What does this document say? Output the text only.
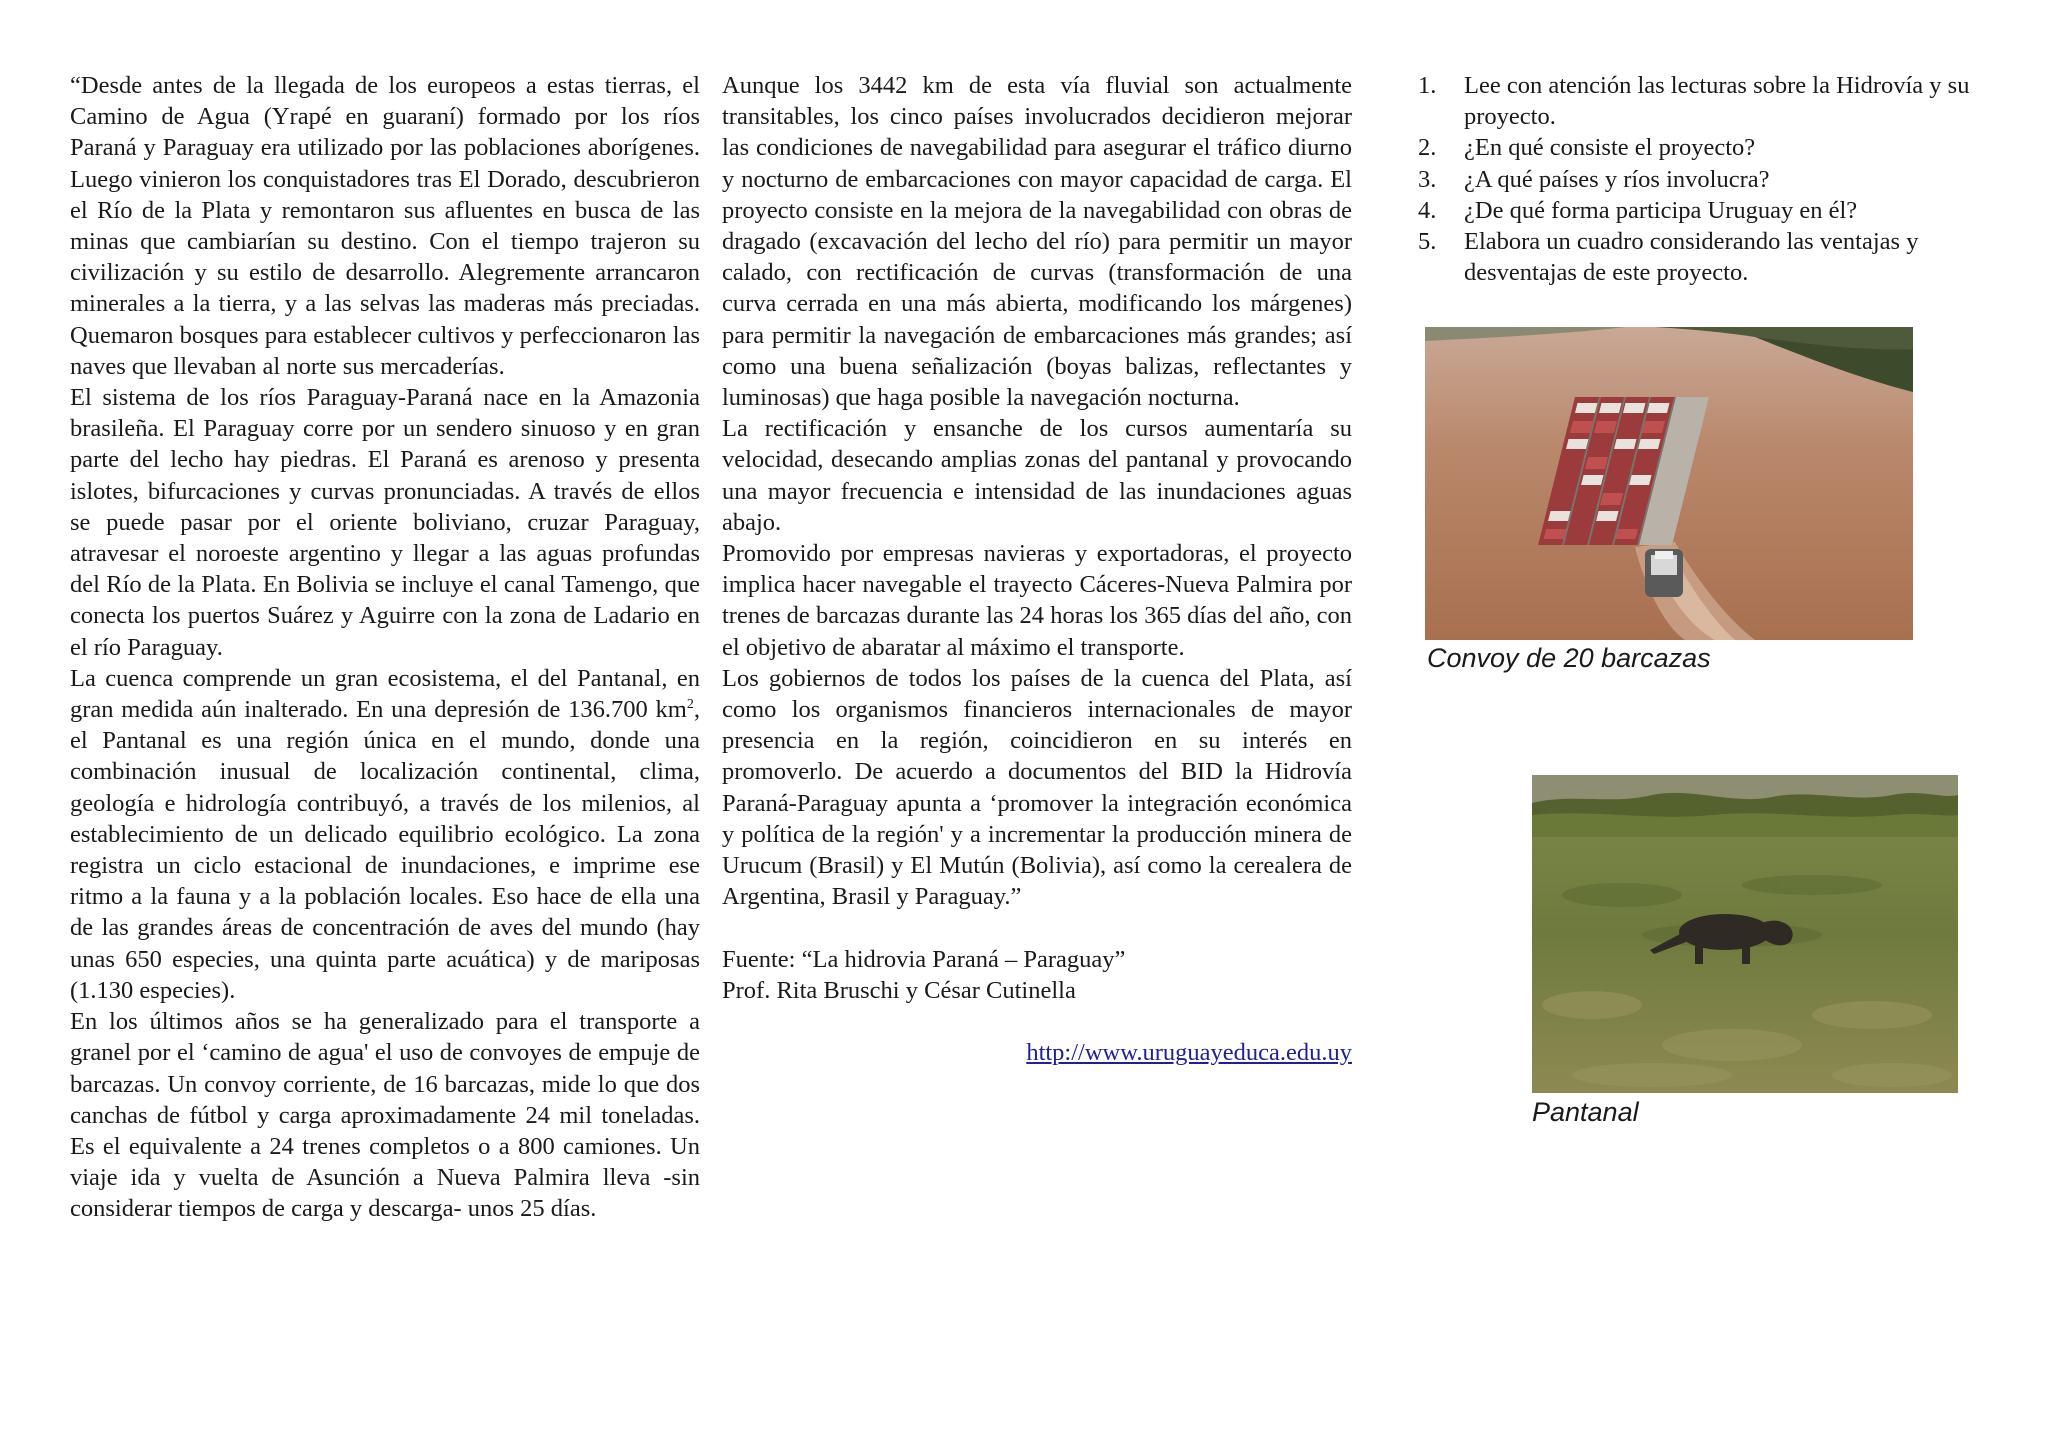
“Desde antes de la llegada de los europeos a estas tierras, el Camino de Agua (Yrapé en guaraní) formado por los ríos Paraná y Paraguay era utilizado por las poblaciones aborígenes. Luego vinieron los conquistadores tras El Dorado, descubrieron el Río de la Plata y remontaron sus afluentes en busca de las minas que cambiarían su destino. Con el tiempo trajeron su civilización y su estilo de desarrollo. Alegremente arrancaron minerales a la tierra, y a las selvas las maderas más preciadas. Quemaron bosques para establecer cultivos y perfeccionaron las naves que llevaban al norte sus mercaderías.

El sistema de los ríos Paraguay-Paraná nace en la Amazonia brasileña. El Paraguay corre por un sendero sinuoso y en gran parte del lecho hay piedras. El Paraná es arenoso y presenta islotes, bifurcaciones y curvas pronunciadas. A través de ellos se puede pasar por el oriente boliviano, cruzar Paraguay, atravesar el noroeste argentino y llegar a las aguas profundas del Río de la Plata. En Bolivia se incluye el canal Tamengo, que conecta los puertos Suárez y Aguirre con la zona de Ladario en el río Paraguay.

La cuenca comprende un gran ecosistema, el del Pantanal, en gran medida aún inalterado. En una depresión de 136.700 $km^2$, el Pantanal es una región única en el mundo, donde una combinación inusual de localización continental, clima, geología e hidrología contribuyó, a través de los milenios, al establecimiento de un delicado equilibrio ecológico. La zona registra un ciclo estacional de inundaciones, e imprime ese ritmo a la fauna y a la población locales. Eso hace de ella una de las grandes áreas de concentración de aves del mundo (hay unas 650 especies, una quinta parte acuática) y de mariposas (1.130 especies).

En los últimos años se ha generalizado para el transporte a granel por el ‘camino de agua' el uso de convoyes de empuje de barcazas. Un convoy corriente, de 16 barcazas, mide lo que dos canchas de fútbol y carga aproximadamente 24 mil toneladas. Es el equivalente a 24 trenes completos o a 800 camiones. Un viaje ida y vuelta de Asunción a Nueva Palmira lleva -sin considerar tiempos de carga y descarga- unos 25 días.

Aunque los 3442 km de esta vía fluvial son actualmente transitables, los cinco países involucrados decidieron mejorar las condiciones de navegabilidad para asegurar el tráfico diurno y nocturno de embarcaciones con mayor capacidad de carga. El proyecto consiste en la mejora de la navegabilidad con obras de dragado (excavación del lecho del río) para permitir un mayor calado, con rectificación de curvas (transformación de una curva cerrada en una más abierta, modificando los márgenes) para permitir la navegación de embarcaciones más grandes; así como una buena señalización (boyas balizas, reflectantes y luminosas) que haga posible la navegación nocturna.

La rectificación y ensanche de los cursos aumentaría su velocidad, desecando amplias zonas del pantanal y provocando una mayor frecuencia e intensidad de las inundaciones aguas abajo.

Promovido por empresas navieras y exportadoras, el proyecto implica hacer navegable el trayecto Cáceres-Nueva Palmira por trenes de barcazas durante las 24 horas los 365 días del año, con el objetivo de abaratar al máximo el transporte.

Los gobiernos de todos los países de la cuenca del Plata, así como los organismos financieros internacionales de mayor presencia en la región, coincidieron en su interés en promoverlo. De acuerdo a documentos del BID la Hidrovía Paraná-Paraguay apunta a ‘promover la integración económica y política de la región' y a incrementar la producción minera de Urucum (Brasil) y El Mutún (Bolivia), así como la cerealera de Argentina, Brasil y Paraguay.”

Fuente: “La hidrovia Paraná – Paraguay”

Prof. Rita Bruschi y César Cutinella

http://www.uruguayeduca.edu.uy

1. Lee con atención las lecturas sobre la Hidrovía y su proyecto.
2. ¿En qué consiste el proyecto?
3. ¿A qué países y ríos involucra?
4. ¿De qué forma participa Uruguay en él?
5. Elabora un cuadro considerando las ventajas y desventajas de este proyecto.
Convoy de 20 barcazas
Pantanal
